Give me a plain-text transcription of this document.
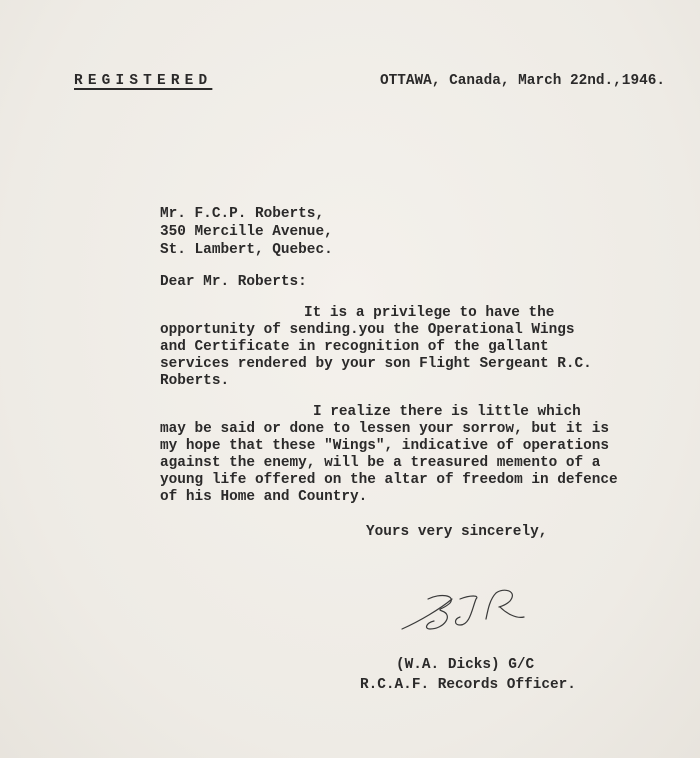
REGISTERED	OTTAWA, Canada, March 22nd.,1946.
Mr. F.C.P. Roberts,
350 Mercille Avenue,
St. Lambert, Quebec.
Dear Mr. Roberts:
It is a privilege to have the
opportunity of sending.you the Operational Wings
and Certificate in recognition of the gallant
services rendered by your son Flight Sergeant R.C.
Roberts.
I realize there is little which
may be said or done to lessen your sorrow, but it is
my hope that these "Wings", indicative of operations
against the enemy, will be a treasured memento of a
young life offered on the altar of freedom in defence
of his Home and Country.
Yours very sincerely,
(W.A. Dicks) G/C
R.C.A.F. Records Officer.
